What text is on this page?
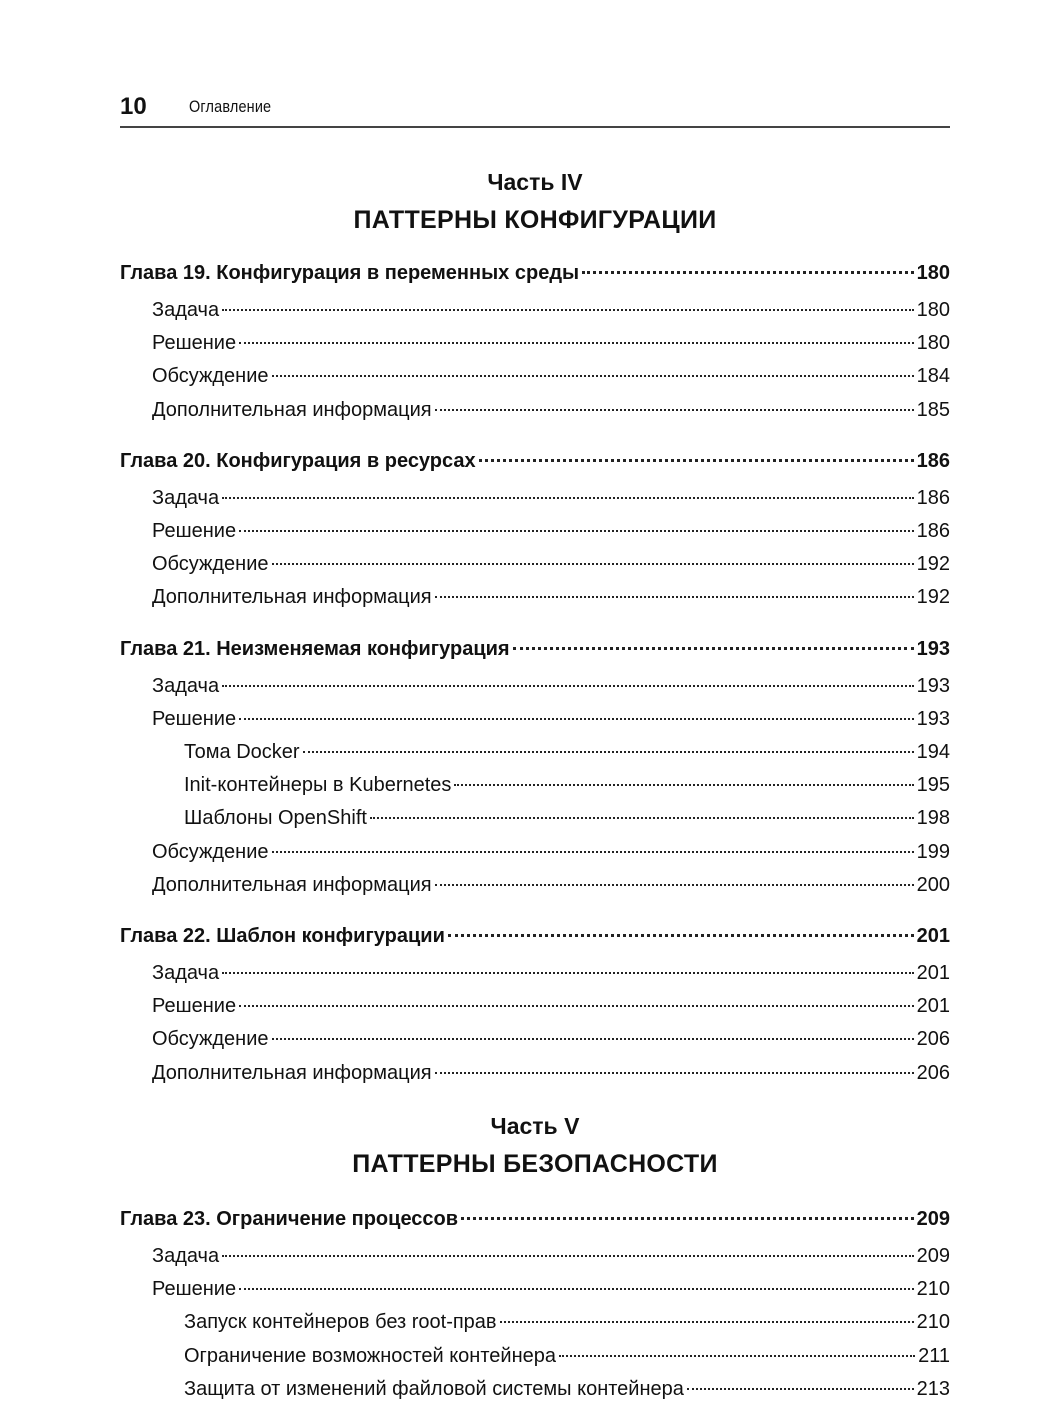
10 Оглавление
Часть IV
ПАТТЕРНЫ КОНФИГУРАЦИИ
Глава 19. Конфигурация в переменных среды	180
Задача	180
Решение	180
Обсуждение	184
Дополнительная информация	185
Глава 20. Конфигурация в ресурсах	186
Задача	186
Решение	186
Обсуждение	192
Дополнительная информация	192
Глава 21. Неизменяемая конфигурация	193
Задача	193
Решение	193
Тома Docker	194
Init-контейнеры в Kubernetes	195
Шаблоны OpenShift	198
Обсуждение	199
Дополнительная информация	200
Глава 22. Шаблон конфигурации	201
Задача	201
Решение	201
Обсуждение	206
Дополнительная информация	206
Часть V
ПАТТЕРНЫ БЕЗОПАСНОСТИ
Глава 23. Ограничение процессов	209
Задача	209
Решение	210
Запуск контейнеров без root-прав	210
Ограничение возможностей контейнера	211
Защита от изменений файловой системы контейнера	213
